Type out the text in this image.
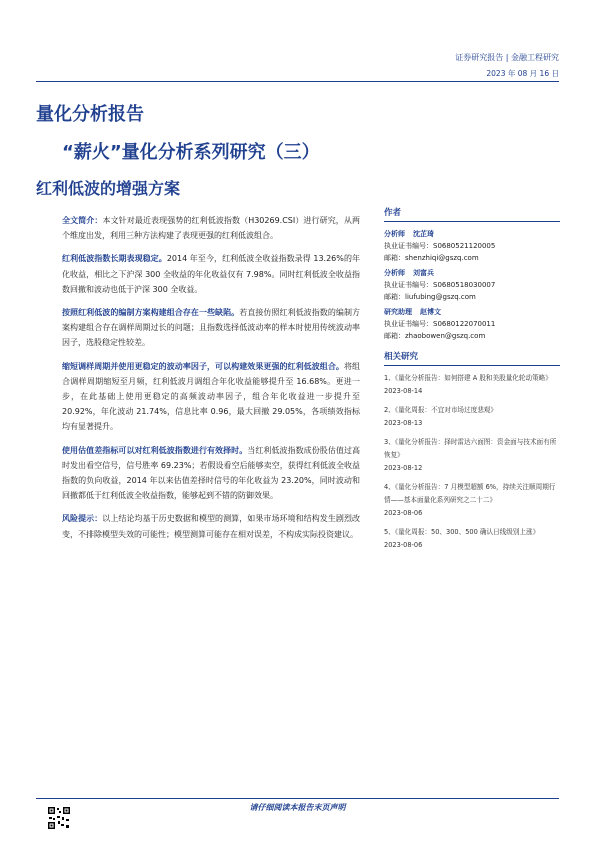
证券研究报告 | 金融工程研究
2023 年 08 月 16 日
量化分析报告
“薪火”量化分析系列研究（三）
红利低波的增强方案

全文简介：本文针对最近表现强势的红利低波指数（H30269.CSI）进行研究，从两个维度出发，利用三种方法构建了表现更强的红利低波组合。

红利低波指数长期表现稳定。2014 年至今，红利低波全收益指数录得 13.26%的年化收益，相比之下沪深 300 全收益的年化收益仅有 7.98%。同时红利低波全收益指数回撤和波动也低于沪深 300 全收益。

按照红利低波的编制方案构建组合存在一些缺陷。若直接仿照红利低波指数的编制方案构建组合存在调样周期过长的问题；且指数选择低波动率的样本时使用传统波动率因子，选股稳定性较差。

缩短调样周期并使用更稳定的波动率因子，可以构建效果更强的红利低波组合。将组合调样周期缩短至月频，红利低波月调组合年化收益能够提升至 16.68%。更进一步，在此基础上使用更稳定的高频波动率因子，组合年化收益进一步提升至 20.92%，年化波动 21.74%，信息比率 0.96，最大回撤 29.05%，各项绩效指标均有显著提升。

使用估值差指标可以对红利低波指数进行有效择时。当红利低波指数成份股估值过高时发出看空信号，信号胜率 69.23%；若假设看空后能够卖空，获得红利低波全收益指数的负向收益，2014 年以来估值差择时信号的年化收益为 23.20%，同时波动和回撤都低于红利低波全收益指数，能够起到不错的防御效果。

风险提示：以上结论均基于历史数据和模型的测算，如果市场环境和结构发生剧烈改变，不排除模型失效的可能性；模型测算可能存在相对误差，不构成实际投资建议。

作者
分析师 沈芷琦
执业证书编号：S0680521120005
邮箱：shenzhiqi@gszq.com
分析师 刘富兵
执业证书编号：S0680518030007
邮箱：liufubing@gszq.com
研究助理 赵博文
执业证书编号：S0680122070011
邮箱：zhaobowen@gszq.com
相关研究
1、《量化分析报告：如何搭建 A 股和美股量化轮动策略》
2023-08-14
2、《量化周报：不宜对市场过度悲观》
2023-08-13
3、《量化分析报告：择时雷达六面图：资金面与技术面有所恢复》
2023-08-12
4、《量化分析报告：7 月模型超额 6%，持续关注顺周期行情——基本面量化系列研究之二十二》
2023-08-06
5、《量化周报：50、300、500 确认日线级别上涨》
2023-08-06
请仔细阅读本报告末页声明
